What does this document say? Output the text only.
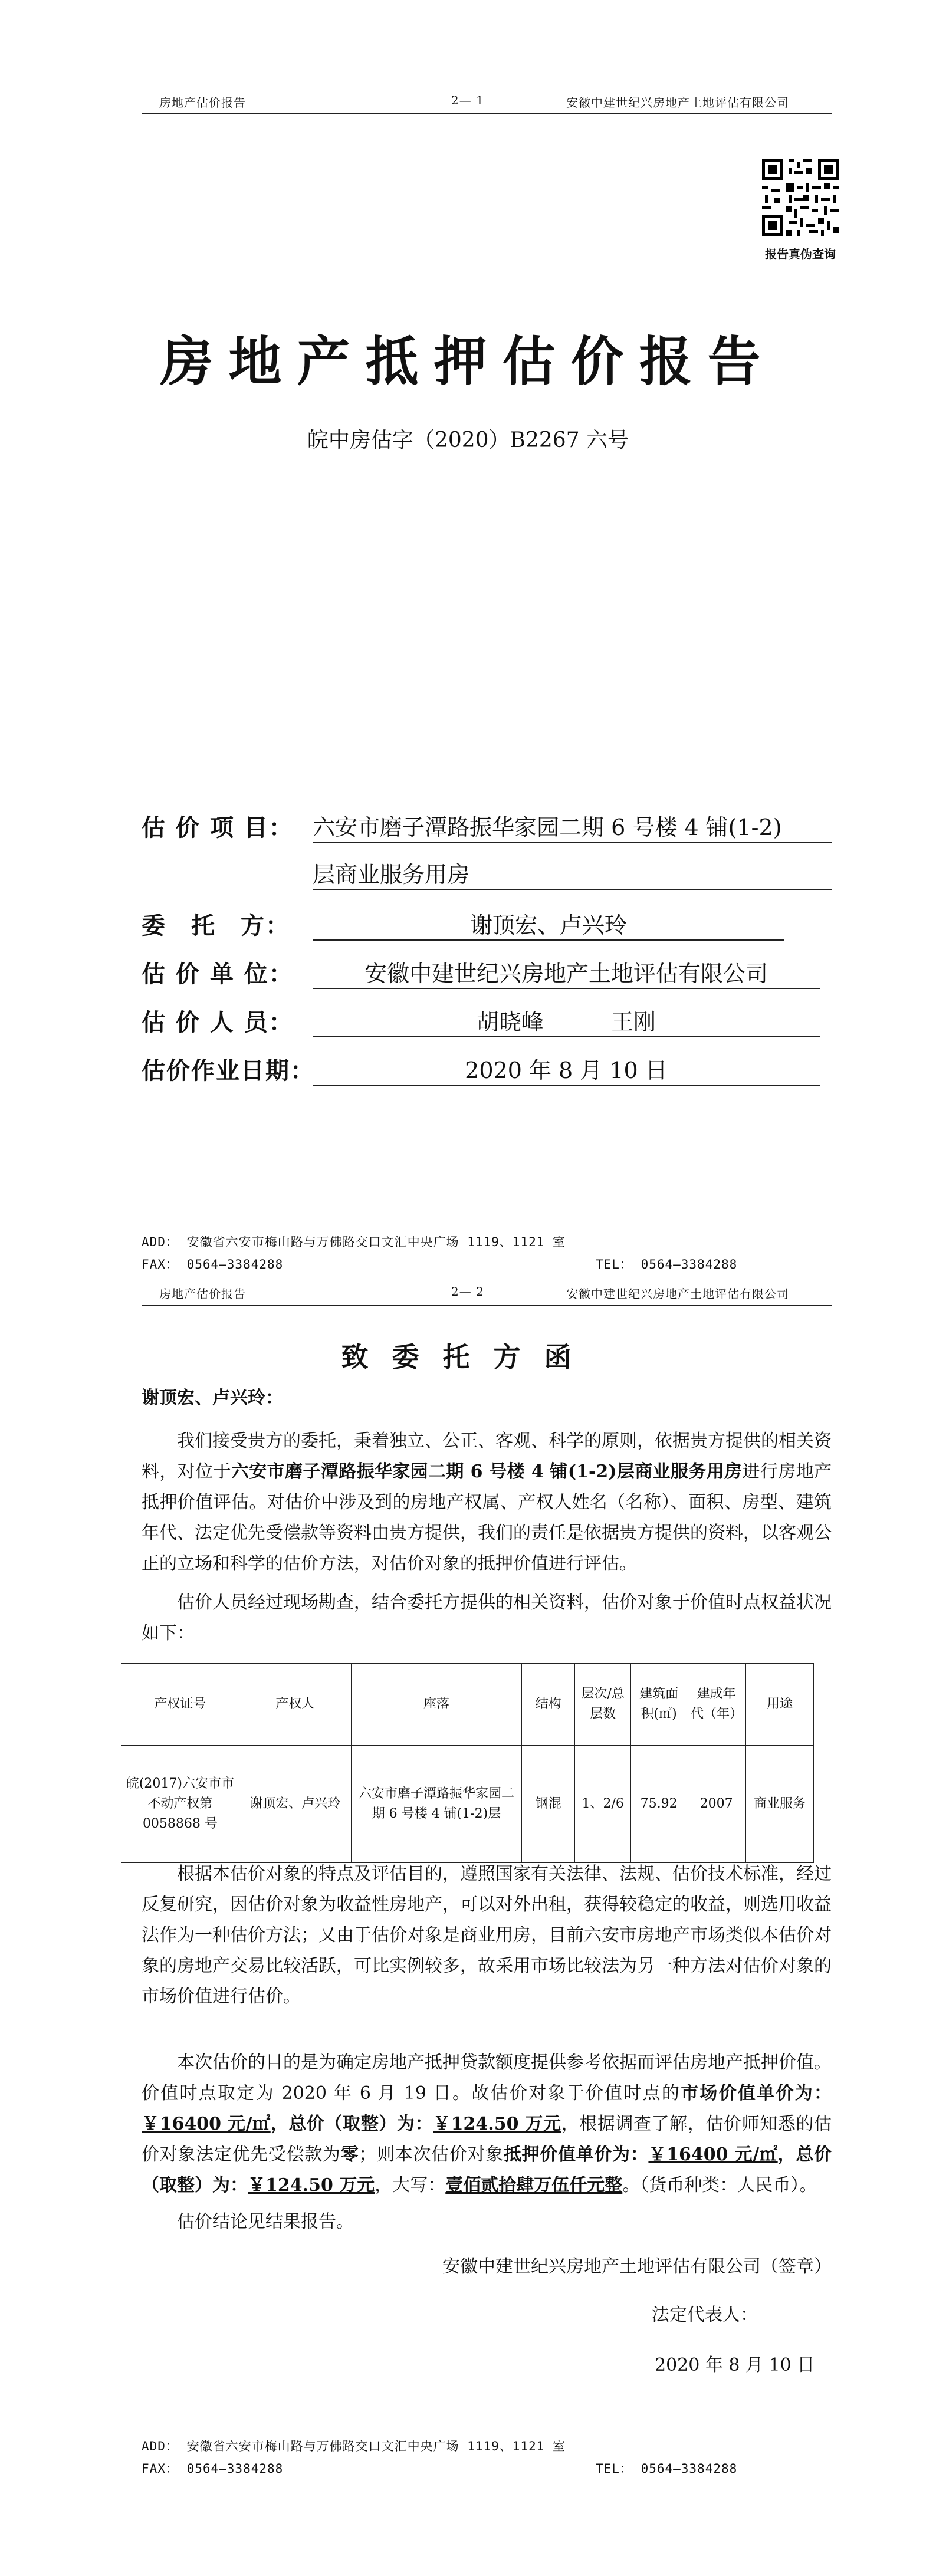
房地产估价报告	2— 1	安徽中建世纪兴房地产土地评估有限公司
报告真伪查询
房地产抵押估价报告
皖中房估字（2020）B2267 六号
估 价 项 目： 六安市磨子潭路振华家园二期 6 号楼 4 铺(1-2)
层商业服务用房
委　托　方：	谢顶宏、卢兴玲
估 价 单 位：	安徽中建世纪兴房地产土地评估有限公司
估 价 人 员：	胡晓峰　　　王刚
估价作业日期：	2020 年 8 月 10 日
ADD： 安徽省六安市梅山路与万佛路交口文汇中央广场 1119、1121 室
FAX： 0564—3384288	TEL： 0564—3384288
房地产估价报告	2— 2	安徽中建世纪兴房地产土地评估有限公司
致委托方函
谢顶宏、卢兴玲：
我们接受贵方的委托，秉着独立、公正、客观、科学的原则，依据贵方提供的相关资料，对位于六安市磨子潭路振华家园二期 6 号楼 4 铺(1-2)层商业服务用房进行房地产抵押价值评估。对估价中涉及到的房地产权属、产权人姓名（名称）、面积、房型、建筑年代、法定优先受偿款等资料由贵方提供，我们的责任是依据贵方提供的资料，以客观公正的立场和科学的估价方法，对估价对象的抵押价值进行评估。
估价人员经过现场勘查，结合委托方提供的相关资料，估价对象于价值时点权益状况如下：
产权证号	产权人	座落	结构	层次/总层数	建筑面积(㎡)	建成年代（年）	用途
皖(2017)六安市市不动产权第 0058868 号	谢顶宏、卢兴玲	六安市磨子潭路振华家园二期 6 号楼 4 铺(1-2)层	钢混	1、2/6	75.92	2007	商业服务
根据本估价对象的特点及评估目的，遵照国家有关法律、法规、估价技术标准，经过反复研究，因估价对象为收益性房地产，可以对外出租，获得较稳定的收益，则选用收益法作为一种估价方法；又由于估价对象是商业用房，目前六安市房地产市场类似本估价对象的房地产交易比较活跃，可比实例较多，故采用市场比较法为另一种方法对估价对象的市场价值进行估价。
本次估价的目的是为确定房地产抵押贷款额度提供参考依据而评估房地产抵押价值。价值时点取定为 2020 年 6 月 19 日。故估价对象于价值时点的市场价值单价为：￥16400 元/㎡，总价（取整）为：￥124.50 万元，根据调查了解，估价师知悉的估价对象法定优先受偿款为零；则本次估价对象抵押价值单价为：￥16400 元/㎡，总价（取整）为：￥124.50 万元，大写：壹佰贰拾肆万伍仟元整。（货币种类：人民币）。
估价结论见结果报告。
安徽中建世纪兴房地产土地评估有限公司（签章）
法定代表人：
2020 年 8 月 10 日
ADD： 安徽省六安市梅山路与万佛路交口文汇中央广场 1119、1121 室
FAX： 0564—3384288	TEL： 0564—3384288
